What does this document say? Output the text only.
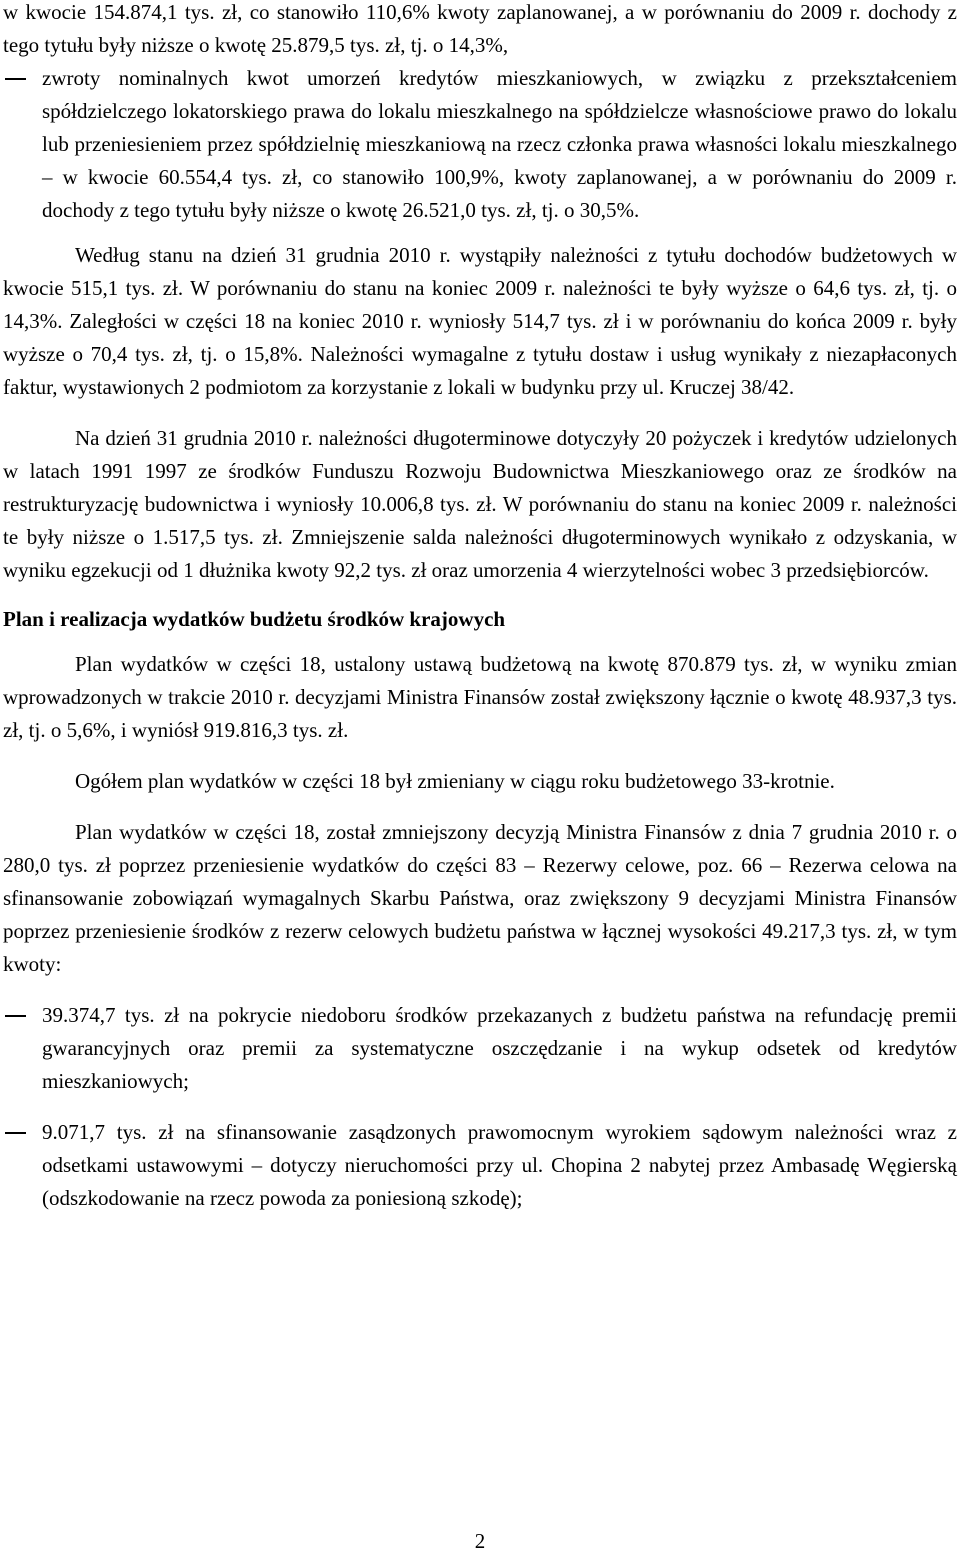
w kwocie 154.874,1 tys. zł, co stanowiło 110,6% kwoty zaplanowanej, a w porównaniu do 2009 r. dochody z tego tytułu były niższe o kwotę 25.879,5 tys. zł, tj. o 14,3%,

zwroty nominalnych kwot umorzeń kredytów mieszkaniowych, w związku z przekształceniem spółdzielczego lokatorskiego prawa do lokalu mieszkalnego na spółdzielcze własnościowe prawo do lokalu lub przeniesieniem przez spółdzielnię mieszkaniową na rzecz członka prawa własności lokalu mieszkalnego – w kwocie 60.554,4 tys. zł, co stanowiło 100,9%, kwoty zaplanowanej, a w porównaniu do 2009 r. dochody z tego tytułu były niższe o kwotę 26.521,0 tys. zł, tj. o 30,5%.

Według stanu na dzień 31 grudnia 2010 r. wystąpiły należności z tytułu dochodów budżetowych w kwocie 515,1 tys. zł. W porównaniu do stanu na koniec 2009 r. należności te były wyższe o 64,6 tys. zł, tj. o 14,3%. Zaległości w części 18 na koniec 2010 r. wyniosły 514,7 tys. zł i w porównaniu do końca 2009 r. były wyższe o 70,4 tys. zł, tj. o 15,8%. Należności wymagalne z tytułu dostaw i usług wynikały z niezapłaconych faktur, wystawionych 2 podmiotom za korzystanie z lokali w budynku przy ul. Kruczej 38/42.

Na dzień 31 grudnia 2010 r. należności długoterminowe dotyczyły 20 pożyczek i kredytów udzielonych w latach 1991 1997 ze środków Funduszu Rozwoju Budownictwa Mieszkaniowego oraz ze środków na restrukturyzację budownictwa i wyniosły 10.006,8 tys. zł. W porównaniu do stanu na koniec 2009 r. należności te były niższe o 1.517,5 tys. zł. Zmniejszenie salda należności długoterminowych wynikało z odzyskania, w wyniku egzekucji od 1 dłużnika kwoty 92,2 tys. zł oraz umorzenia 4 wierzytelności wobec 3 przedsiębiorców.

Plan i realizacja wydatków budżetu środków krajowych

Plan wydatków w części 18, ustalony ustawą budżetową na kwotę 870.879 tys. zł, w wyniku zmian wprowadzonych w trakcie 2010 r. decyzjami Ministra Finansów został zwiększony łącznie o kwotę 48.937,3 tys. zł, tj. o 5,6%, i wyniósł 919.816,3 tys. zł.

Ogółem plan wydatków w części 18 był zmieniany w ciągu roku budżetowego 33-krotnie.

Plan wydatków w części 18, został zmniejszony decyzją Ministra Finansów z dnia 7 grudnia 2010 r. o 280,0 tys. zł poprzez przeniesienie wydatków do części 83 – Rezerwy celowe, poz. 66 – Rezerwa celowa na sfinansowanie zobowiązań wymagalnych Skarbu Państwa, oraz zwiększony 9 decyzjami Ministra Finansów poprzez przeniesienie środków z rezerw celowych budżetu państwa w łącznej wysokości 49.217,3 tys. zł, w tym kwoty:

39.374,7 tys. zł na pokrycie niedoboru środków przekazanych z budżetu państwa na refundację premii gwarancyjnych oraz premii za systematyczne oszczędzanie i na wykup odsetek od kredytów mieszkaniowych;

9.071,7 tys. zł na sfinansowanie zasądzonych prawomocnym wyrokiem sądowym należności wraz z odsetkami ustawowymi – dotyczy nieruchomości przy ul. Chopina 2 nabytej przez Ambasadę Węgierską (odszkodowanie na rzecz powoda za poniesioną szkodę);

2
